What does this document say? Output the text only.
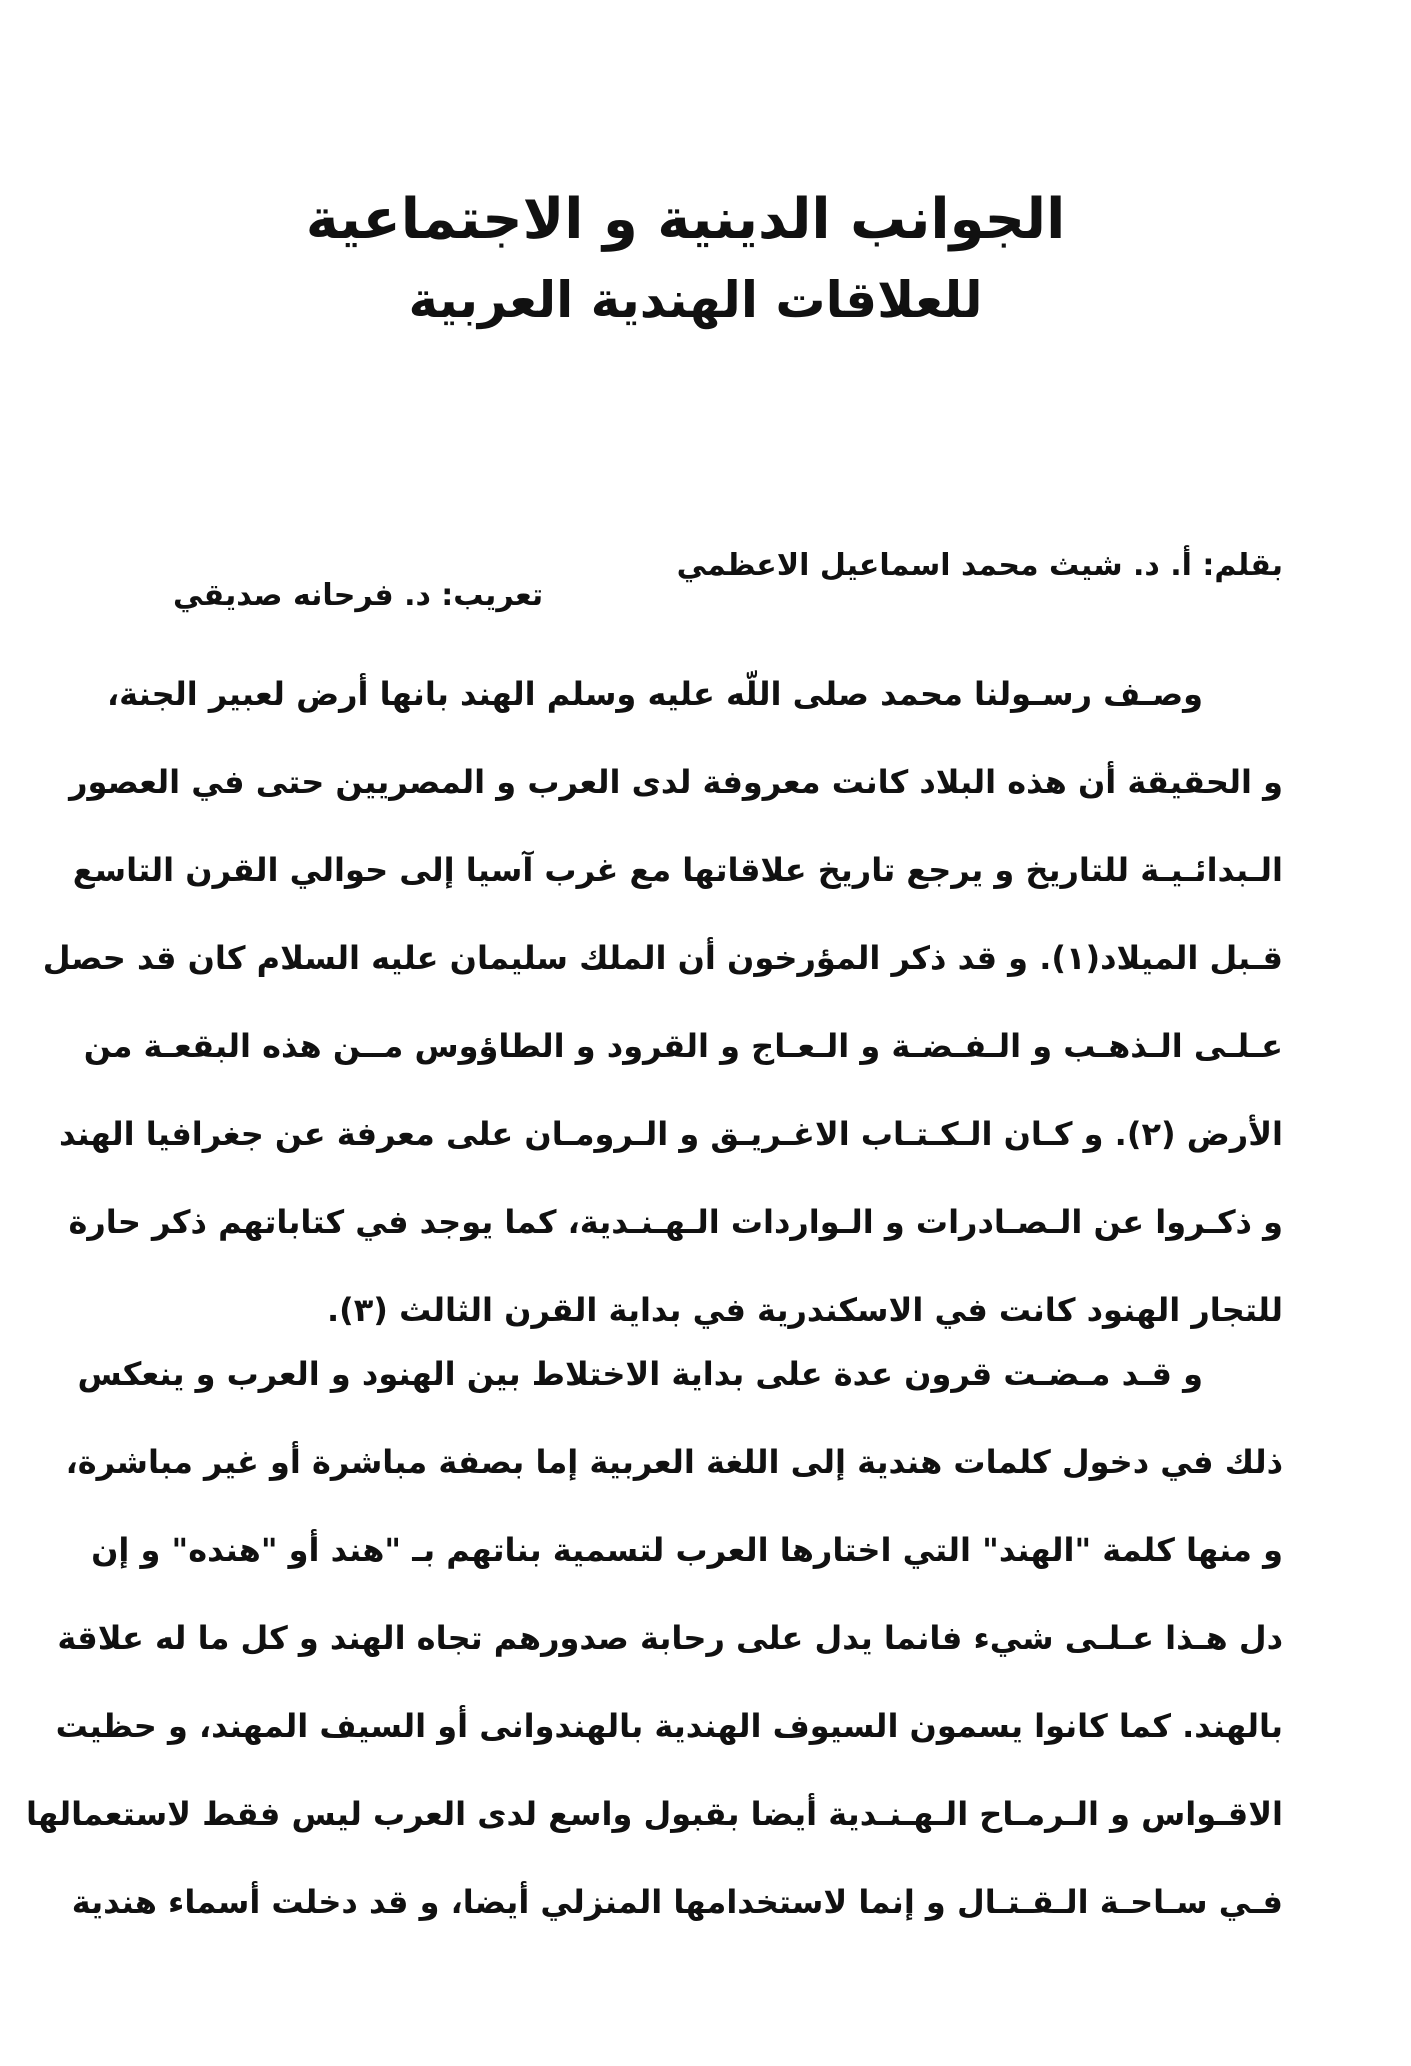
الجوانب الدينية و الاجتماعية
للعلاقات الهندية العربية
بقلم: أ. د. شيث محمد اسماعيل الاعظمي
تعريب: د. فرحانه صديقي
وصـف رسـولنا محمد صلى اللّه عليه وسلم الهند بانها أرض لعبير الجنة،
و الحقيقة أن هذه البلاد كانت معروفة لدى العرب و المصريين حتى في العصور
الـبدائـيـة للتاريخ و يرجع تاريخ علاقاتها مع غرب آسيا إلى حوالي القرن التاسع
قـبل الميلاد(١). و قد ذكر المؤرخون أن الملك سليمان عليه السلام كان قد حصل
عـلـى الـذهـب و الـفـضـة و الـعـاج و القرود و الطاؤوس مــن هذه البقعـة من
الأرض (٢). و كـان الـكـتـاب الاغـريـق و الـرومـان على معرفة عن جغرافيا الهند
و ذكـروا عن الـصـادرات و الـواردات الـهـنـدية، كما يوجد في كتاباتهم ذكر حارة
للتجار الهنود كانت في الاسكندرية في بداية القرن الثالث (٣).
و قـد مـضـت قرون عدة على بداية الاختلاط بين الهنود و العرب و ينعكس
ذلك في دخول كلمات هندية إلى اللغة العربية إما بصفة مباشرة أو غير مباشرة،
و منها كلمة "الهند" التي اختارها العرب لتسمية بناتهم بـ "هند أو "هنده" و إن
دل هـذا عـلـى شيء فانما يدل على رحابة صدورهم تجاه الهند و كل ما له علاقة
بالهند. كما كانوا يسمون السيوف الهندية بالهندوانى أو السيف المهند، و حظيت
الاقـواس و الـرمـاح الـهـنـدية أيضا بقبول واسع لدى العرب ليس فقط لاستعمالها
فـي سـاحـة الـقـتـال و إنما لاستخدامها المنزلي أيضا، و قد دخلت أسماء هندية
